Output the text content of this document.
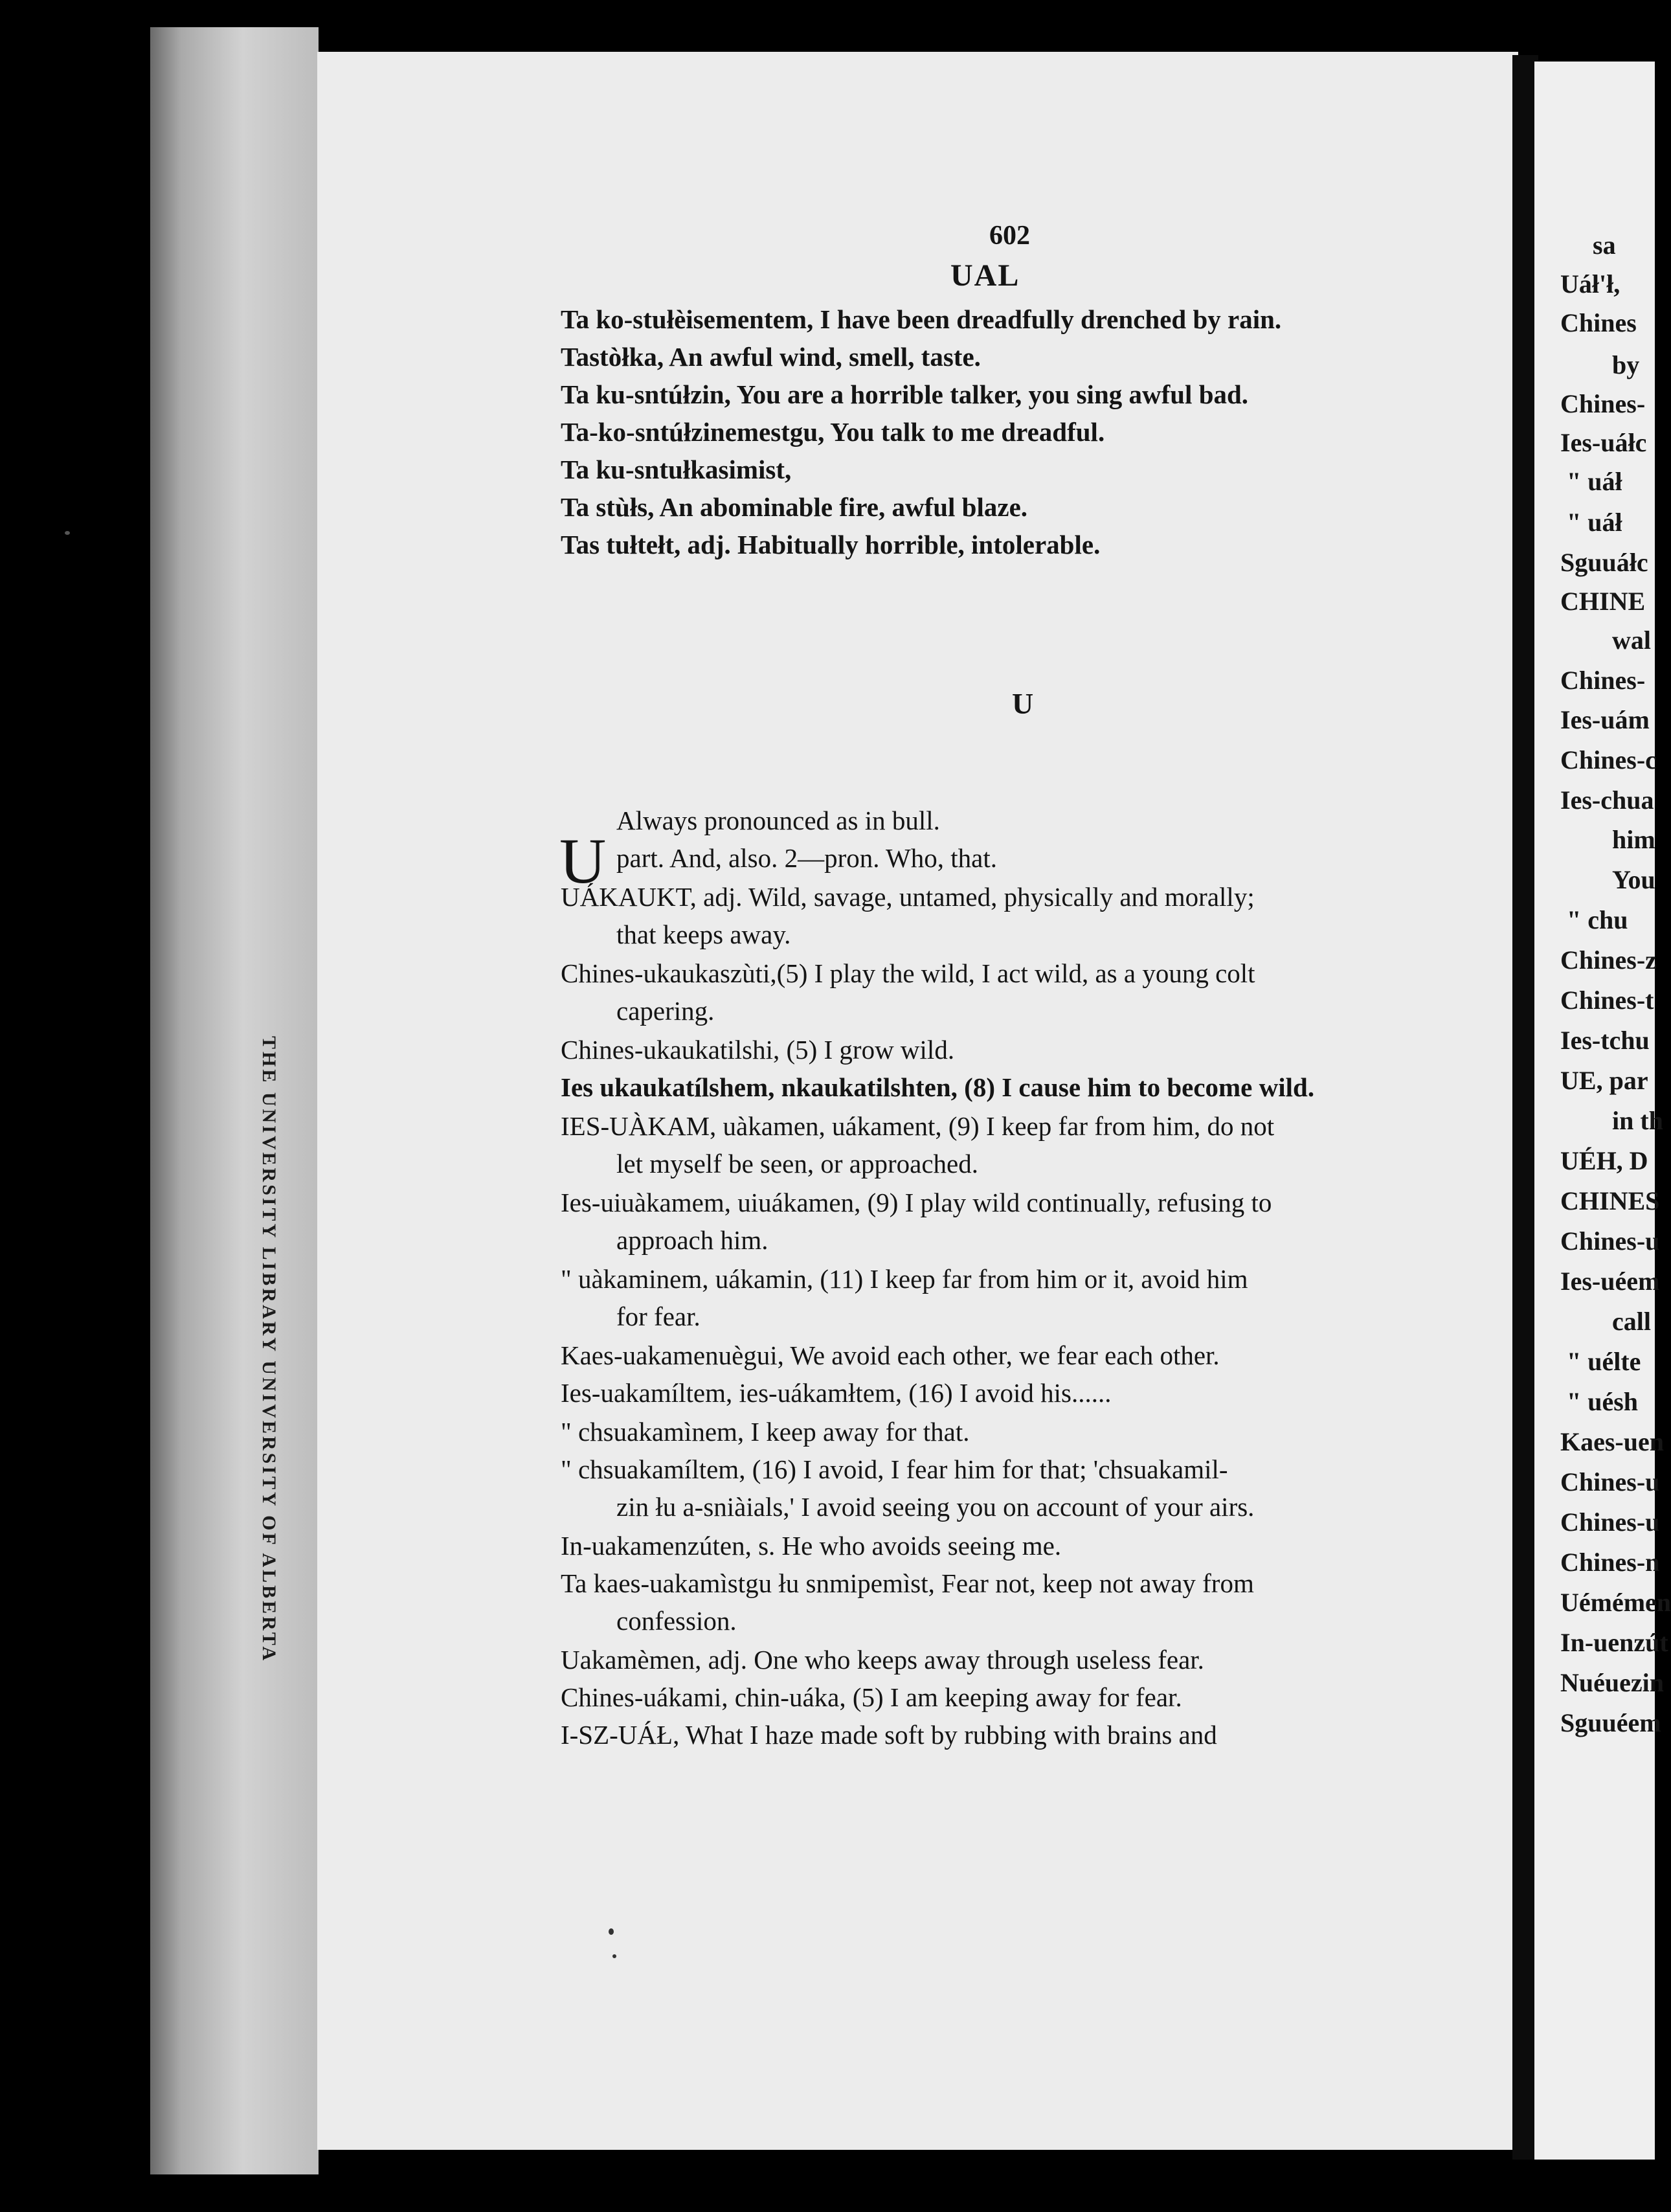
THE UNIVERSITY LIBRARY UNIVERSITY OF ALBERTA
sa
Uáł'ł,
Chines
by
Chines-
Ies-uáłc
" uáł
" uáł
Sguuáłc
CHINE
wal
Chines-
Ies-uám
Chines-c
Ies-chua
him
You
" chu
Chines-z
Chines-t
Ies-tchu
UE, par
in th
UÉH, D
CHINES
Chines-u
Ies-uéem
call
" uélte
" uésh
Kaes-uen
Chines-u
Chines-u
Chines-n
Uémémen
In-uenzút
Nuéuezin
Sguuéem
602
UAL
Ta ko-stułèisementem, I have been dreadfully drenched by rain.
Tastòłka, An awful wind, smell, taste.
Ta ku-sntúłzin, You are a horrible talker, you sing awful bad.
Ta-ko-sntúłzinemestgu, You talk to me dreadful.
Ta ku-sntułkasimist,
Ta stùłs, An abominable fire, awful blaze.
Tas tułtełt, adj. Habitually horrible, intolerable.
U
U
Always pronounced as in bull.
part. And, also. 2—pron. Who, that.
UÁKAUKT, adj. Wild, savage, untamed, physically and morally;
that keeps away.
Chines-ukaukaszùti,(5) I play the wild, I act wild, as a young colt
capering.
Chines-ukaukatilshi, (5) I grow wild.
Ies ukaukatílshem, nkaukatilshten, (8) I cause him to become wild.
IES-UÀKAM, uàkamen, uákament, (9) I keep far from him, do not
let myself be seen, or approached.
Ies-uiuàkamem, uiuákamen, (9) I play wild continually, refusing to
approach him.
" uàkaminem, uákamin, (11) I keep far from him or it, avoid him
for fear.
Kaes-uakamenuègui, We avoid each other, we fear each other.
Ies-uakamíltem, ies-uákamłtem, (16) I avoid his......
" chsuakamìnem, I keep away for that.
" chsuakamíltem, (16) I avoid, I fear him for that; 'chsuakamil-
zin łu a-sniàials,' I avoid seeing you on account of your airs.
In-uakamenzúten, s. He who avoids seeing me.
Ta kaes-uakamìstgu łu snmipemìst, Fear not, keep not away from
confession.
Uakamèmen, adj. One who keeps away through useless fear.
Chines-uákami, chin-uáka, (5) I am keeping away for fear.
I-SZ-UÁŁ, What I haze made soft by rubbing with brains and
